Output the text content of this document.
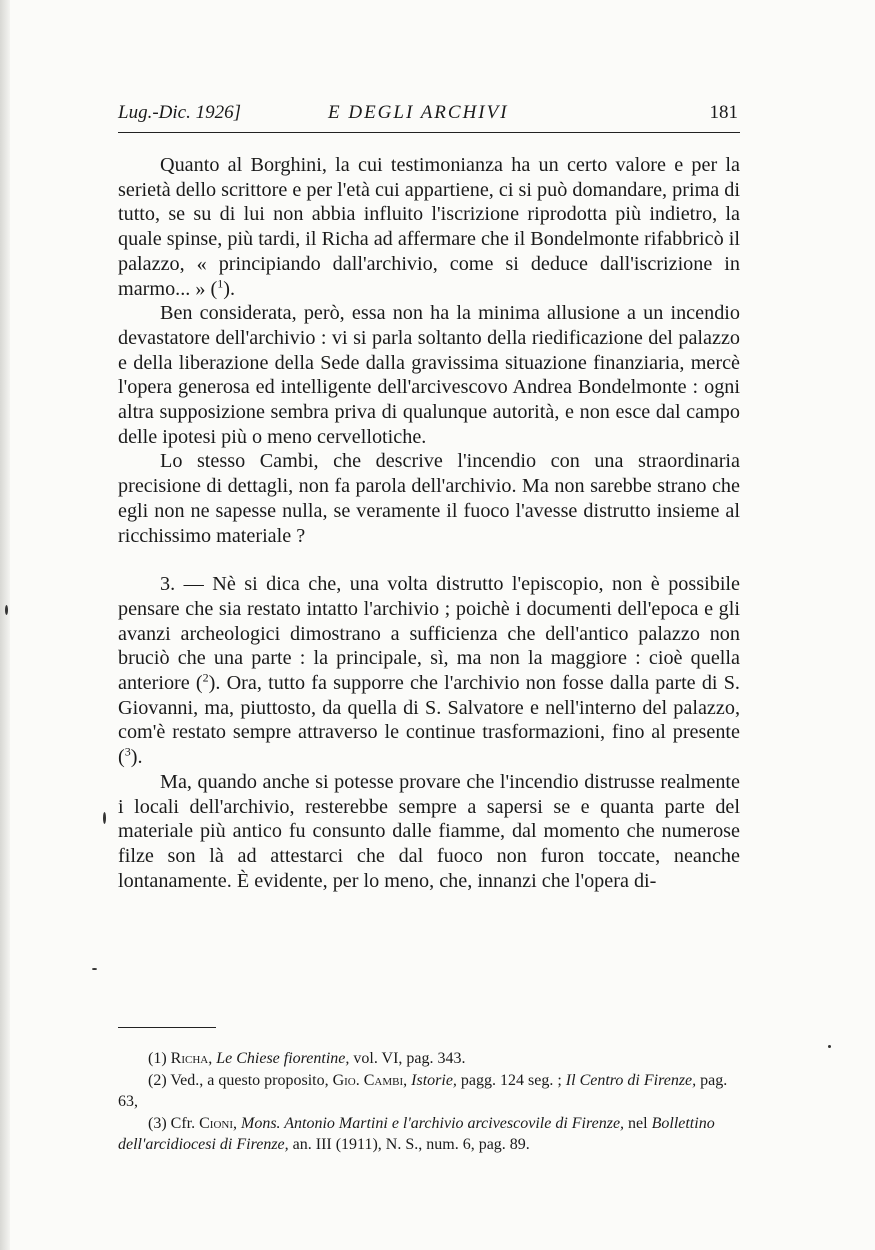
Lug.-Dic. 1926]	E DEGLI ARCHIVI	181

Quanto al Borghini, la cui testimonianza ha un certo valore e per la serietà dello scrittore e per l'età cui appartiene, ci si può domandare, prima di tutto, se su di lui non abbia influito l'iscrizione riprodotta più indietro, la quale spinse, più tardi, il Richa ad affermare che il Bondelmonte rifabbricò il palazzo, « principiando dall'archivio, come si deduce dall'iscrizione in marmo... » ($^1$).

Ben considerata, però, essa non ha la minima allusione a un incendio devastatore dell'archivio : vi si parla soltanto della riedificazione del palazzo e della liberazione della Sede dalla gravissima situazione finanziaria, mercè l'opera generosa ed intelligente dell'arcivescovo Andrea Bondelmonte : ogni altra supposizione sembra priva di qualunque autorità, e non esce dal campo delle ipotesi più o meno cervellotiche.

Lo stesso Cambi, che descrive l'incendio con una straordinaria precisione di dettagli, non fa parola dell'archivio. Ma non sarebbe strano che egli non ne sapesse nulla, se veramente il fuoco l'avesse distrutto insieme al ricchissimo materiale ?

3. — Nè si dica che, una volta distrutto l'episcopio, non è possibile pensare che sia restato intatto l'archivio ; poichè i documenti dell'epoca e gli avanzi archeologici dimostrano a sufficienza che dell'antico palazzo non bruciò che una parte : la principale, sì, ma non la maggiore : cioè quella anteriore ($^2$). Ora, tutto fa supporre che l'archivio non fosse dalla parte di S. Giovanni, ma, piuttosto, da quella di S. Salvatore e nell'interno del palazzo, com'è restato sempre attraverso le continue trasformazioni, fino al presente ($^3$).

Ma, quando anche si potesse provare che l'incendio distrusse realmente i locali dell'archivio, resterebbe sempre a sapersi se e quanta parte del materiale più antico fu consunto dalle fiamme, dal momento che numerose filze son là ad attestarci che dal fuoco non furon toccate, neanche lontanamente. È evidente, per lo meno, che, innanzi che l'opera di-

(1) Richa, Le Chiese fiorentine, vol. VI, pag. 343.

(2) Ved., a questo proposito, Gio. Cambi, Istorie, pagg. 124 seg. ; Il Centro di Firenze, pag. 63,

(3) Cfr. Cioni, Mons. Antonio Martini e l'archivio arcivescovile di Firenze, nel Bollettino dell'arcidiocesi di Firenze, an. III (1911), N. S., num. 6, pag. 89.
